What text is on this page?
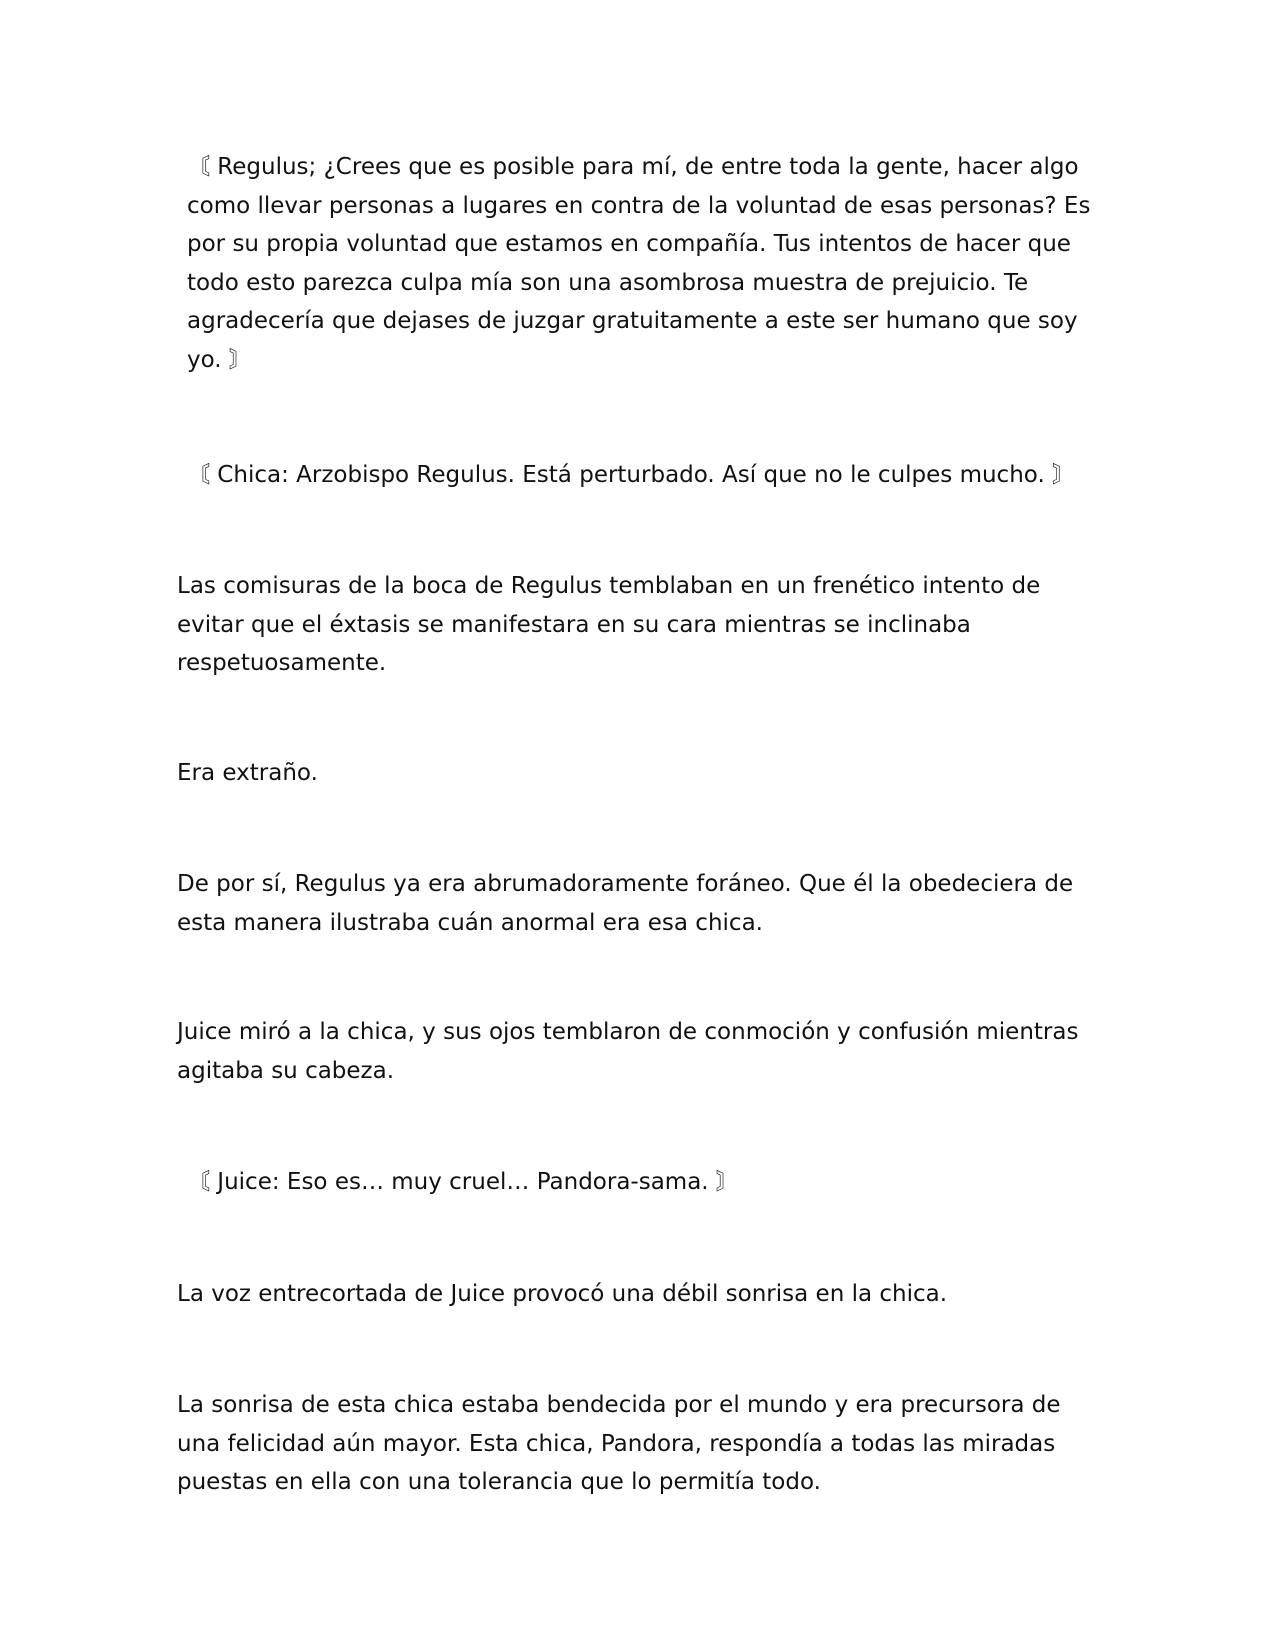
〘 Regulus; ¿Crees que es posible para mí, de entre toda la gente, hacer algo como llevar personas a lugares en contra de la voluntad de esas personas? Es por su propia voluntad que estamos en compañía. Tus intentos de hacer que todo esto parezca culpa mía son una asombrosa muestra de prejuicio. Te agradecería que dejases de juzgar gratuitamente a este ser humano que soy yo. 〙

〘 Chica: Arzobispo Regulus. Está perturbado. Así que no le culpes mucho. 〙

Las comisuras de la boca de Regulus temblaban en un frenético intento de evitar que el éxtasis se manifestara en su cara mientras se inclinaba respetuosamente.

Era extraño.

De por sí, Regulus ya era abrumadoramente foráneo. Que él la obedeciera de esta manera ilustraba cuán anormal era esa chica.

Juice miró a la chica, y sus ojos temblaron de conmoción y confusión mientras agitaba su cabeza.

〘 Juice: Eso es… muy cruel… Pandora-sama. 〙

La voz entrecortada de Juice provocó una débil sonrisa en la chica.

La sonrisa de esta chica estaba bendecida por el mundo y era precursora de una felicidad aún mayor. Esta chica, Pandora, respondía a todas las miradas puestas en ella con una tolerancia que lo permitía todo.
